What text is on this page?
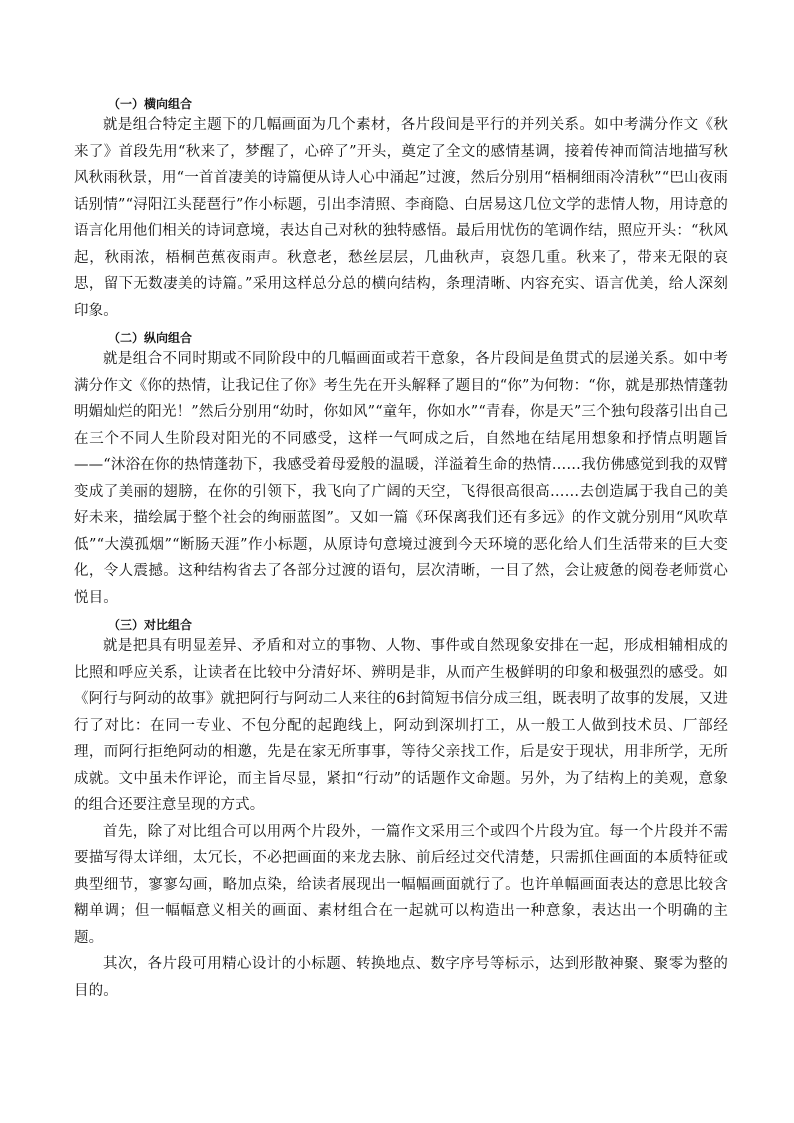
（一）横向组合

就是组合特定主题下的几幅画面为几个素材，各片段间是平行的并列关系。如中考满分作文《秋来了》首段先用“秋来了，梦醒了，心碎了”开头，奠定了全文的感情基调，接着传神而简洁地描写秋风秋雨秋景，用“一首首凄美的诗篇便从诗人心中涌起”过渡，然后分别用“梧桐细雨冷清秋”“巴山夜雨话别情”“浔阳江头琵琶行”作小标题，引出李清照、李商隐、白居易这几位文学的悲情人物，用诗意的语言化用他们相关的诗词意境，表达自己对秋的独特感悟。最后用忧伤的笔调作结，照应开头：“秋风起，秋雨浓，梧桐芭蕉夜雨声。秋意老，愁丝层层，几曲秋声，哀怨几重。秋来了，带来无限的哀思，留下无数凄美的诗篇。”采用这样总分总的横向结构，条理清晰、内容充实、语言优美，给人深刻印象。

（二）纵向组合

就是组合不同时期或不同阶段中的几幅画面或若干意象，各片段间是鱼贯式的层递关系。如中考满分作文《你的热情，让我记住了你》考生先在开头解释了题目的“你”为何物：“你，就是那热情蓬勃明媚灿烂的阳光！”然后分别用“幼时，你如风”“童年，你如水”“青春，你是天”三个独句段落引出自己在三个不同人生阶段对阳光的不同感受，这样一气呵成之后，自然地在结尾用想象和抒情点明题旨——“沐浴在你的热情蓬勃下，我感受着母爱般的温暖，洋溢着生命的热情……我仿佛感觉到我的双臂变成了美丽的翅膀，在你的引领下，我飞向了广阔的天空，飞得很高很高……去创造属于我自己的美好未来，描绘属于整个社会的绚丽蓝图”。又如一篇《环保离我们还有多远》的作文就分别用“风吹草低”“大漠孤烟”“断肠天涯”作小标题，从原诗句意境过渡到今天环境的恶化给人们生活带来的巨大变化，令人震撼。这种结构省去了各部分过渡的语句，层次清晰，一目了然，会让疲惫的阅卷老师赏心悦目。

（三）对比组合

就是把具有明显差异、矛盾和对立的事物、人物、事件或自然现象安排在一起，形成相辅相成的比照和呼应关系，让读者在比较中分清好坏、辨明是非，从而产生极鲜明的印象和极强烈的感受。如《阿行与阿动的故事》就把阿行与阿动二人来往的6封简短书信分成三组，既表明了故事的发展，又进行了对比：在同一专业、不包分配的起跑线上，阿动到深圳打工，从一般工人做到技术员、厂部经理，而阿行拒绝阿动的相邀，先是在家无所事事，等待父亲找工作，后是安于现状，用非所学，无所成就。文中虽未作评论，而主旨尽显，紧扣“行动”的话题作文命题。另外，为了结构上的美观，意象的组合还要注意呈现的方式。

首先，除了对比组合可以用两个片段外，一篇作文采用三个或四个片段为宜。每一个片段并不需要描写得太详细，太冗长，不必把画面的来龙去脉、前后经过交代清楚，只需抓住画面的本质特征或典型细节，寥寥勾画，略加点染，给读者展现出一幅幅画面就行了。也许单幅画面表达的意思比较含糊单调；但一幅幅意义相关的画面、素材组合在一起就可以构造出一种意象，表达出一个明确的主题。

其次，各片段可用精心设计的小标题、转换地点、数字序号等标示，达到形散神聚、聚零为整的目的。
